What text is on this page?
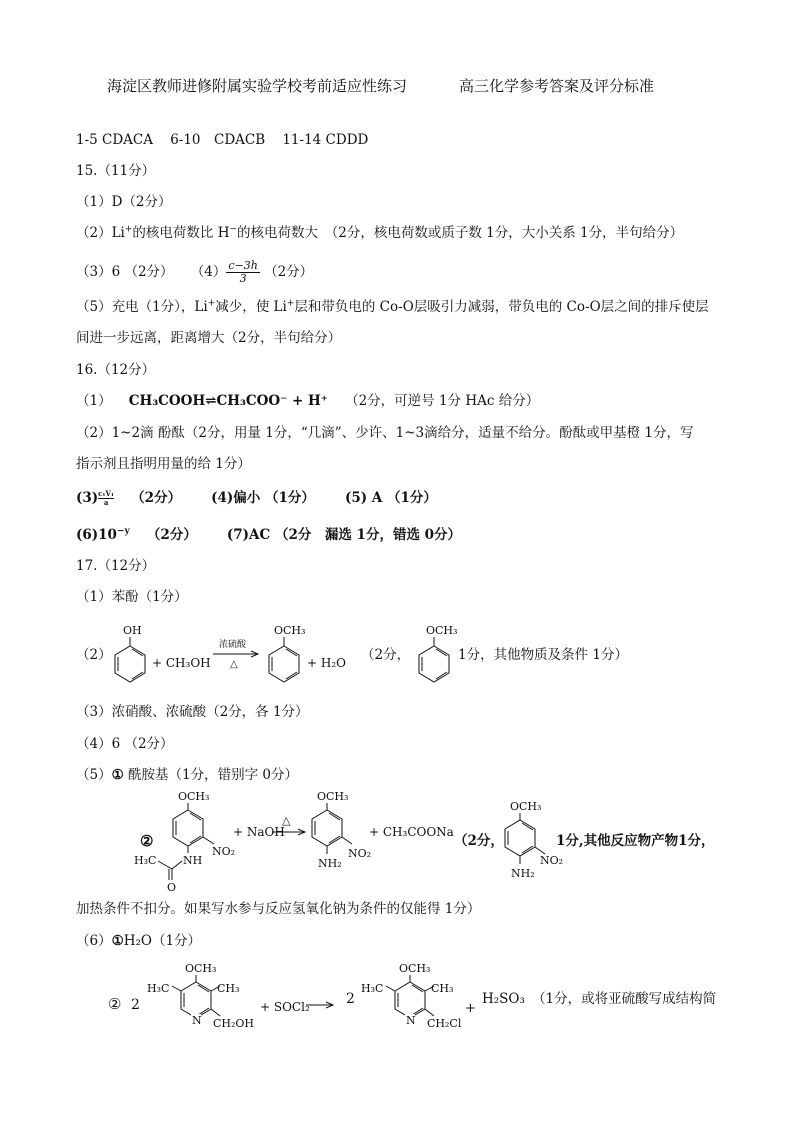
海淀区教师进修附属实验学校考前适应性练习	高三化学参考答案及评分标准
1-5 CDACA 6-10　CDACB 11-14 CDDD
15.（11分）
（1）D（2分）
（2）Li+的核电荷数比 H−的核电荷数大　（2分，核电荷数或质子数 1分，大小关系 1分，半句给分）
（3）6 （2分） $(4) \frac{c-3h}{3} (2$分）
（5）充电（1分），Li+减少，使 Li+层和带负电的 Co-O层吸引力减弱，带负电的 Co-O层之间的排斥使层
间进一步远离，距离增大（2分，半句给分）
16.（12分）
（1） CH₃COOH⇌CH₃COO⁻ + H⁺ （2分，可逆号 1分 HAc 给分）
（2）1~2滴 酚酞（2分，用量 1分，“几滴”、少许、1~3滴给分，适量不给分。酚酞或甲基橙 1分，写
指示剂且指明用量的给 1分）
$(3) \frac{\text{c₁V₁}}{a} (2$分） (4)偏小 （1分） (5) A （1分）
$(6)10^{-y}$ （2分） (7)AC （2分　漏选 1分，错选 0分）
17.（12分）
（1）苯酚（1分）
（2）
OH
+ CH₃OH
浓硫酸
△
OCH₃
+ H₂O （2分，
OCH₃
1分，其他物质及条件 1分）
（3）浓硝酸、浓硫酸（2分，各 1分）
（4）6 （2分）
（5）① 酰胺基（1分，错别字 0分）
②
OCH₃
NO₂
NH
H₃C
O
+ NaOH
△
OCH₃
NO₂
NH₂
+ CH₃COONa
（2分，
OCH₃
NO₂
NH₂
1分,其他反应物产物1分，
加热条件不扣分。如果写水参与反应氢氧化钠为条件的仅能得 1分）
（6）①H₂O（1分）
② 2
OCH₃
H₃C	CH₃
N CH₂OH
+ SOCl₂ → 2
OCH₃
H₃C	CH₃
N CH₂Cl
+
H₂SO₃ （1分，或将亚硫酸写成结构简
